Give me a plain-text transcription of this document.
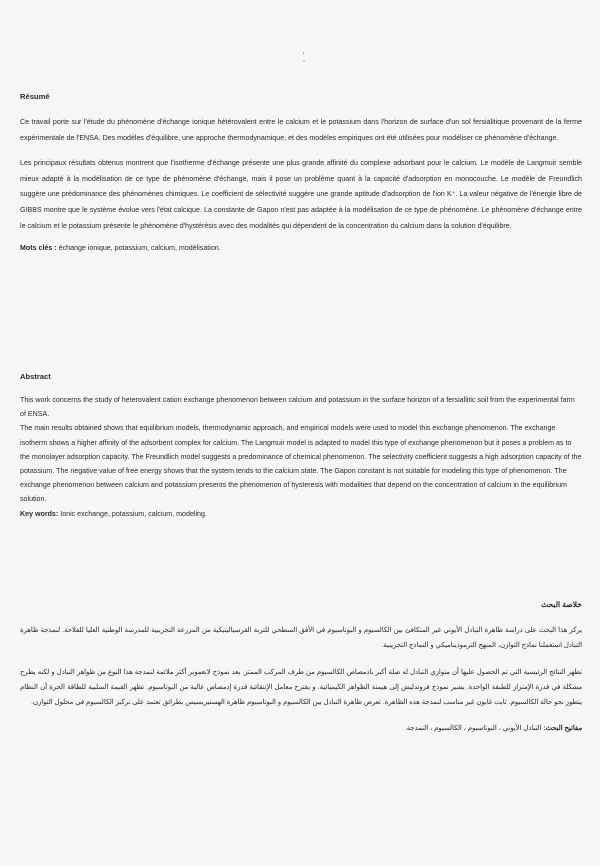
ˋ.

Résumé

Ce travail porte sur l'étude du phénomène d'échange ionique hétérovalent entre le calcium et le potassium dans l'horizon de surface d'un sol fersialitique provenant de la ferme expérimentale de l'ENSA. Des modèles d'équilibre, une approche thermodynamique, et des modèles empiriques ont été utilisées pour modéliser ce phénomène d'échange.

Les principaux résultats obtenus montrent que l'isotherme d'échange présente une plus grande affinité du complexe adsorbant pour le calcium. Le modèle de Langmuir semble mieux adapté à la modélisation de ce type de phénomène d'échange, mais il pose un problème quant à la capacité d'adsorption en monocouche. Le modèle de Freundlich suggère une prédominance des phénomènes chimiques. Le coefficient de sélectivité suggère une grande aptitude d'adsorption de l'ion K⁺. La valeur négative de l'énergie libre de GIBBS montre que le système évolue vers l'état calcique. La constante de Gapon n'est pas adaptée à la modélisation de ce type de phénomène. Le phénomène d'échange entre le calcium et le potassium présente le phénomène d'hystérésis avec des modalités qui dépendent de la concentration du calcium dans la solution d'équilibre.

Mots clés : échange ionique, potassium, calcium, modélisation.

Abstract

This work concerns the study of heterovalent cation exchange phenomenon between calcium and potassium in the surface horizon of a fersiallitic soil from the experimental farm of ENSA.

The main results obtained shows that equilibrium models, thermodynamic approach, and empirical models were used to model this exchange phenomenon. The exchange isotherm shows a higher affinity of the adsorbent complex for calcium. The Langmuir model is adapted to model this type of exchange phenomenon but it poses a problem as to the monolayer adsorption capacity. The Freundlich model suggests a predominance of chemical phenomenon. The selectivity coefficient suggests a high adsorption capacity of the potassium. The negative value of free energy shows that the system tends to the calcium state. The Gapon constant is not suitable for modeling this type of phenomenon. The exchange phenomenon between calcium and potassium presents the phenomenon of hysteresis with modalities that depend on the concentration of calcium in the equilibrium solution.

Key words: Ionic exchange, potassium, calcium, modeling.

خلاصة البحث

يركز هذا البحث على دراسة ظاهرة التبادل الأيوني غير المتكافئ بين الكالسيوم و البوتاسيوم في الأفق السطحي للتربة الفرسياليتيكية من المزرعة التجريبية للمدرسة الوطنية العليا للفلاحة. لنمذجة ظاهرة التبادل استعملنا نماذج التوازن، المنهج الترموديناميكي و النماذج التجريبية.

تظهر النتائج الرئيسية التي تم الحصول عليها أن متوازي التبادل له صلة أكبر بادمصاص الكالسيوم من طرف المركب الممتز. يعد نموذج لانغموير أكثر ملائمة لنمذجة هذا النوع من ظواهر التبادل و لكنه يطرح مشكلة في قدرة الإمتزاز للطبقة الواحدة. يشير نموذج فروندليش إلى هيمنة الظواهر الكيميائية. و يقترح معامل الإنتقائية قدرة إدمصاص عالية من البوتاسيوم. تظهر القيمة السلبية للطاقة الحرة أن النظام يتطور نحو حالة الكالسيوم. ثابت غابون غير مناسب لنمذجة هذه الظاهرة. تعرض ظاهرة التبادل بين الكالسيوم و البوتاسيوم ظاهرة الهستيريسيس بطرائق تعتمد على تركيز الكالسيوم في محلول التوازن.

مفاتيح البحث: التبادل الأيوني ، البوتاسيوم ، الكالسيوم ، النمذجة.
